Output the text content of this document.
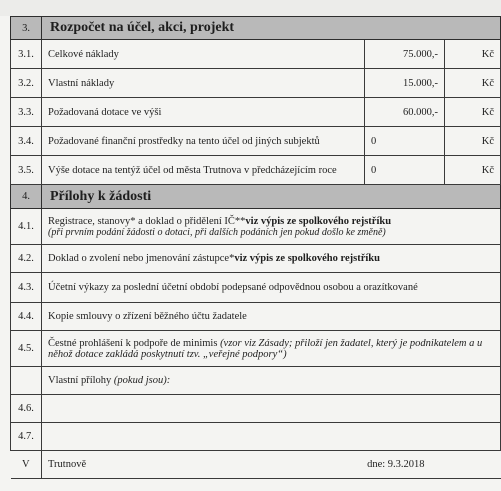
3.	Rozpočet na účel, akci, projekt		
3.1.	Celkové náklady	75.000,-	Kč
3.2.	Vlastní náklady	15.000,-	Kč
3.3.	Požadovaná dotace ve výši	60.000,-	Kč
3.4.	Požadované finanční prostředky na tento účel od jiných subjektů	0	Kč
3.5.	Výše dotace na tentýž účel od města Trutnova v předcházejícím roce	0	Kč
4.	Přílohy k žádosti		
4.1.	Registrace, stanovy* a doklad o přidělení IČ**viz výpis ze spolkového rejstříku
(při prvním podání žádosti o dotaci, při dalších podáních jen pokud došlo ke změně)		

4.2.	Doklad o zvolení nebo jmenování zástupce*viz výpis ze spolkového rejstříku		
4.3.	Účetní výkazy za poslední účetní období podepsané odpovědnou osobou a orazítkované		
4.4.	Kopie smlouvy o zřízení běžného účtu žadatele		
4.5.	Čestné prohlášení k podpoře de minimis (vzor viz Zásady; přiloží jen žadatel, který je podnikatelem a u něhož dotace zakládá poskytnutí tzv. „veřejné podpory“)		
	Vlastní přílohy (pokud jsou):		
4.6.			
4.7.			
V	Trutnově dne: 9.3.2018		
